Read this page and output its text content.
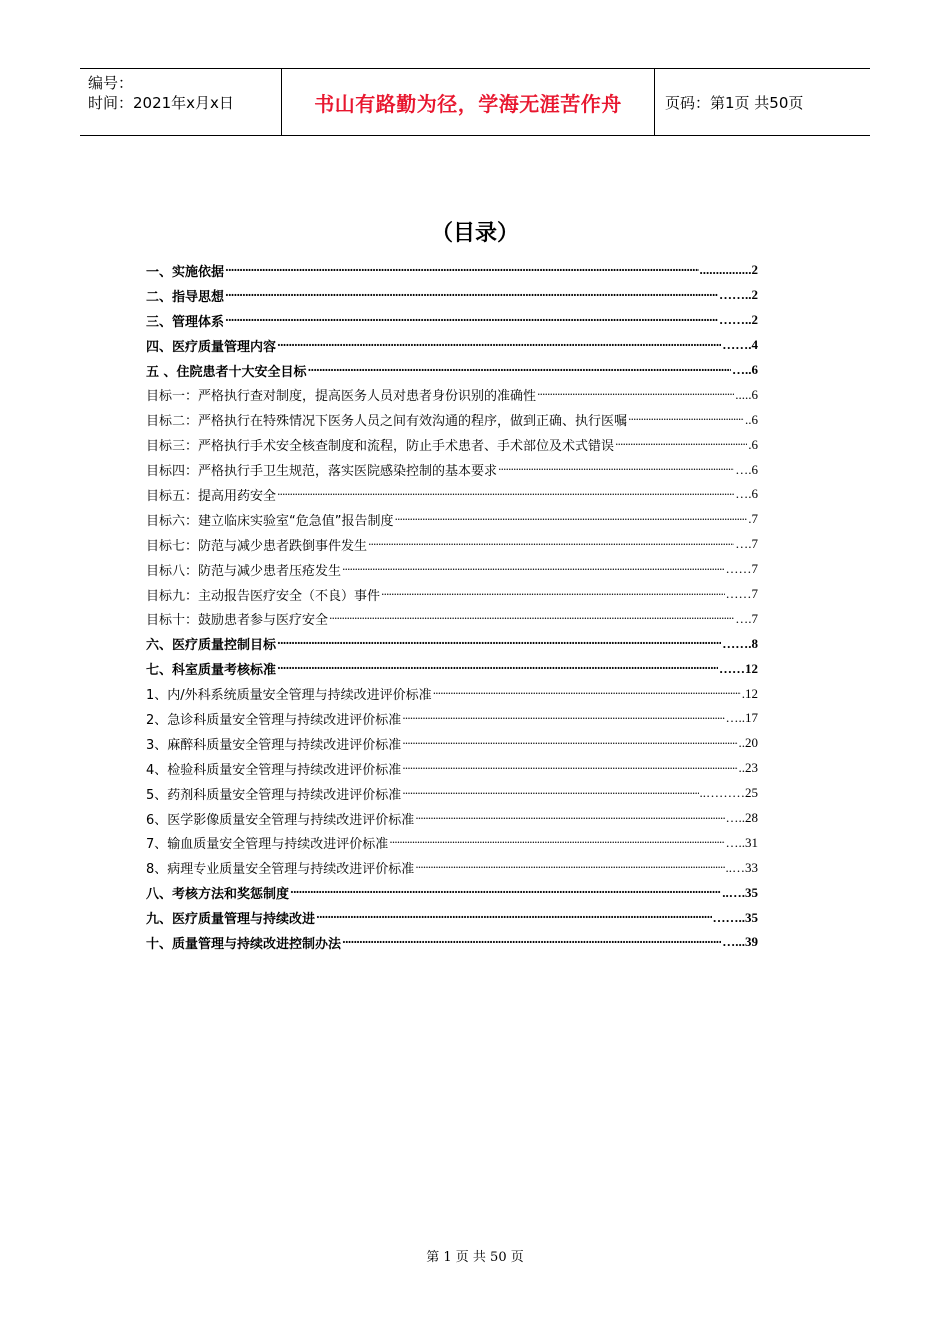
编号：
时间：2021年x月x日	书山有路勤为径，学海无涯苦作舟	页码：第1页 共50页
（目录）
一、实施依据 ·····	................2
二、指导思想 ·····	……..2
三、管理体系 ·····	……..2
四、医疗质量管理内容 ·····	…….4
五 、住院患者十大安全目标 ·····	…..6
目标一：严格执行查对制度，提高医务人员对患者身份识别的准确性 ·····	.....6
目标二：严格执行在特殊情况下医务人员之间有效沟通的程序，做到正确、执行医嘱 ·····	..6
目标三：严格执行手术安全核查制度和流程，防止手术患者、手术部位及术式错误 ·····	.6
目标四：严格执行手卫生规范，落实医院感染控制的基本要求 ·····	….6
目标五：提高用药安全 ·····	….6
目标六：建立临床实验室“危急值”报告制度 ·····	.7
目标七：防范与减少患者跌倒事件发生 ·····	….7
目标八：防范与减少患者压疮发生 ·····	……7
目标九：主动报告医疗安全（不良）事件 ·····	……7
目标十：鼓励患者参与医疗安全 ·····	….7
六、医疗质量控制目标 ·····	…….8
七、科室质量考核标准 ·····	……12
1、内/外科系统质量安全管理与持续改进评价标准 ·····	.12
2、急诊科质量安全管理与持续改进评价标准 ·····	…..17
3、麻醉科质量安全管理与持续改进评价标准 ·····	..20
4、检验科质量安全管理与持续改进评价标准 ·····	..23
5、药剂科质量安全管理与持续改进评价标准 ·····	..………25
6、医学影像质量安全管理与持续改进评价标准 ·····	…..28
7、输血质量安全管理与持续改进评价标准 ·····	…..31
8、病理专业质量安全管理与持续改进评价标准 ·····	..…33
八、考核方法和奖惩制度 ·····	..….35
九、医疗质量管理与持续改进 ·····	……..35
十、质量管理与持续改进控制办法 ·····	…...39
第 1 页 共 50 页
